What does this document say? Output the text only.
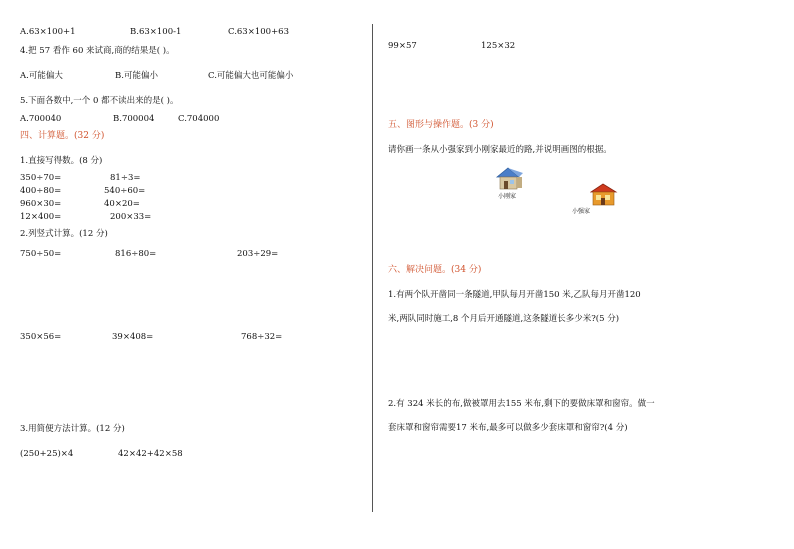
A.63×100+1	B.63×100-1	C.63×100+63
4.把 57 看作 60 来试商,商的结果是( )。
A.可能偏大	B.可能偏小	C.可能偏大也可能偏小
5.下面各数中,一个 0 都不读出来的是( )。
A.700040	B.700004	C.704000
四、计算题。(32 分)
1.直接写得数。(8 分)
350÷70=	81÷3=
400÷80=	540÷60=
960×30=	40×20=
12×400=	200×33=
2.列竖式计算。(12 分)
750÷50=	816÷80=	203÷29=
350×56=	39×408=	768÷32=
3.用简便方法计算。(12 分)
(250+25)×4	42×42+42×58
99×57	125×32
五、图形与操作题。(3 分)
请你画一条从小强家到小刚家最近的路,并说明画图的根据。
小刚家
小强家
六、解决问题。(34 分)
1.有两个队开凿同一条隧道,甲队每月开凿150 米,乙队每月开凿120
米,两队同时施工,8 个月后开通隧道,这条隧道长多少米?(5 分)
2.有 324 米长的布,做被罩用去155 米布,剩下的要做床罩和窗帘。做一
套床罩和窗帘需要17 米布,最多可以做多少套床罩和窗帘?(4 分)
